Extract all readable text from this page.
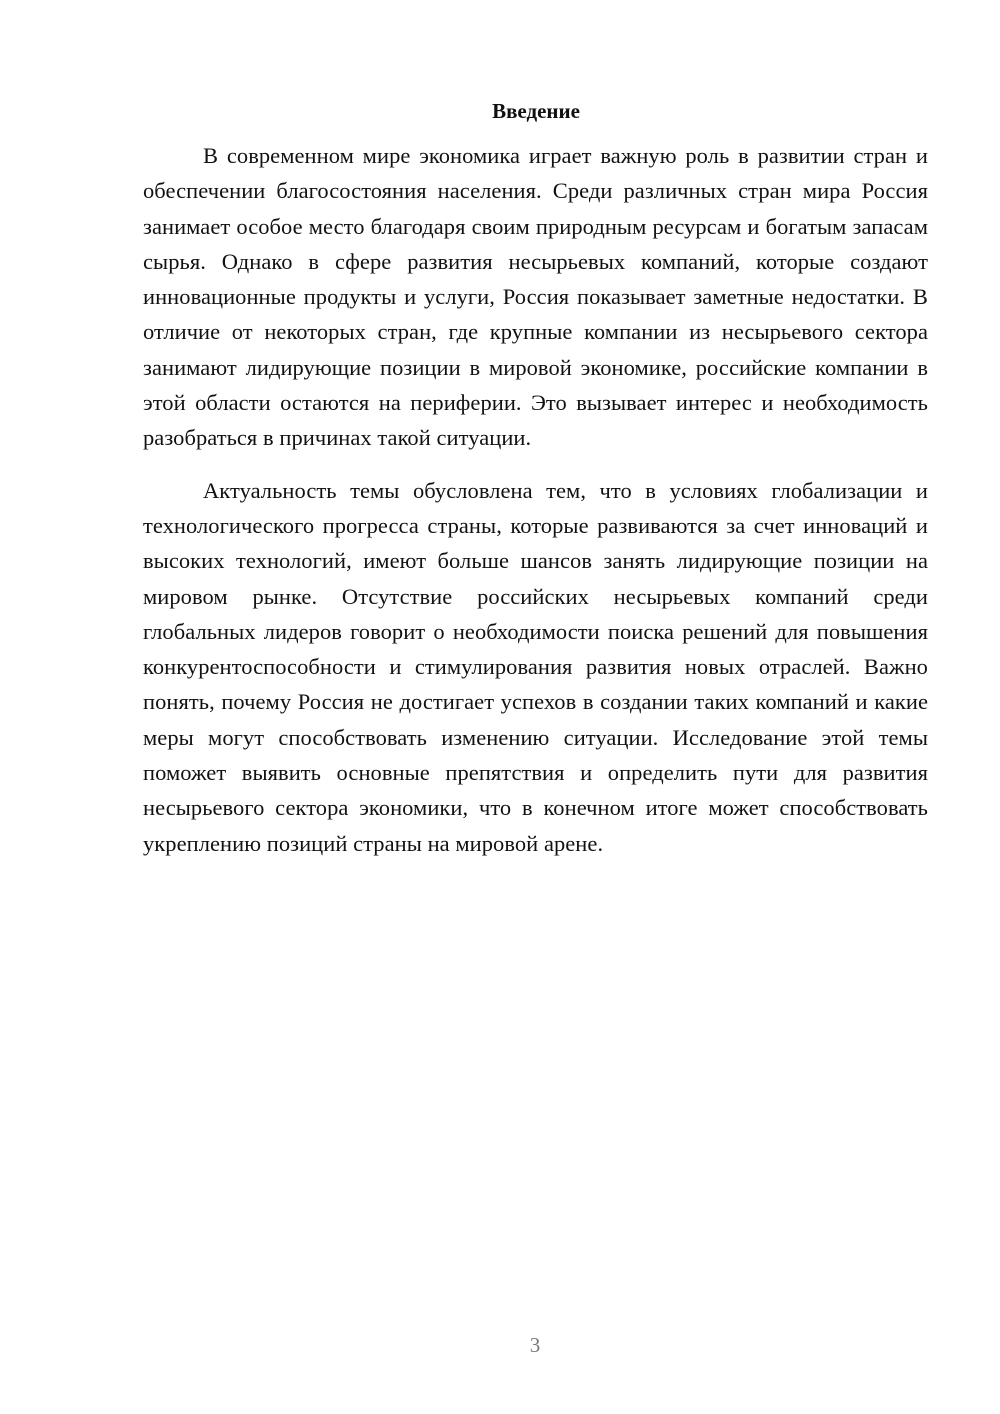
Введение

В современном мире экономика играет важную роль в развитии стран и обеспечении благосостояния населения. Среди различных стран мира Россия занимает особое место благодаря своим природным ресурсам и богатым запасам сырья. Однако в сфере развития несырьевых компаний, которые создают инновационные продукты и услуги, Россия показывает заметные недостатки. В отличие от некоторых стран, где крупные компании из несырьевого сектора занимают лидирующие позиции в мировой экономике, российские компании в этой области остаются на периферии. Это вызывает интерес и необходимость разобраться в причинах такой ситуации.

Актуальность темы обусловлена тем, что в условиях глобализации и технологического прогресса страны, которые развиваются за счет инноваций и высоких технологий, имеют больше шансов занять лидирующие позиции на мировом рынке. Отсутствие российских несырьевых компаний среди глобальных лидеров говорит о необходимости поиска решений для повышения конкурентоспособности и стимулирования развития новых отраслей. Важно понять, почему Россия не достигает успехов в создании таких компаний и какие меры могут способствовать изменению ситуации. Исследование этой темы поможет выявить основные препятствия и определить пути для развития несырьевого сектора экономики, что в конечном итоге может способствовать укреплению позиций страны на мировой арене.

3
